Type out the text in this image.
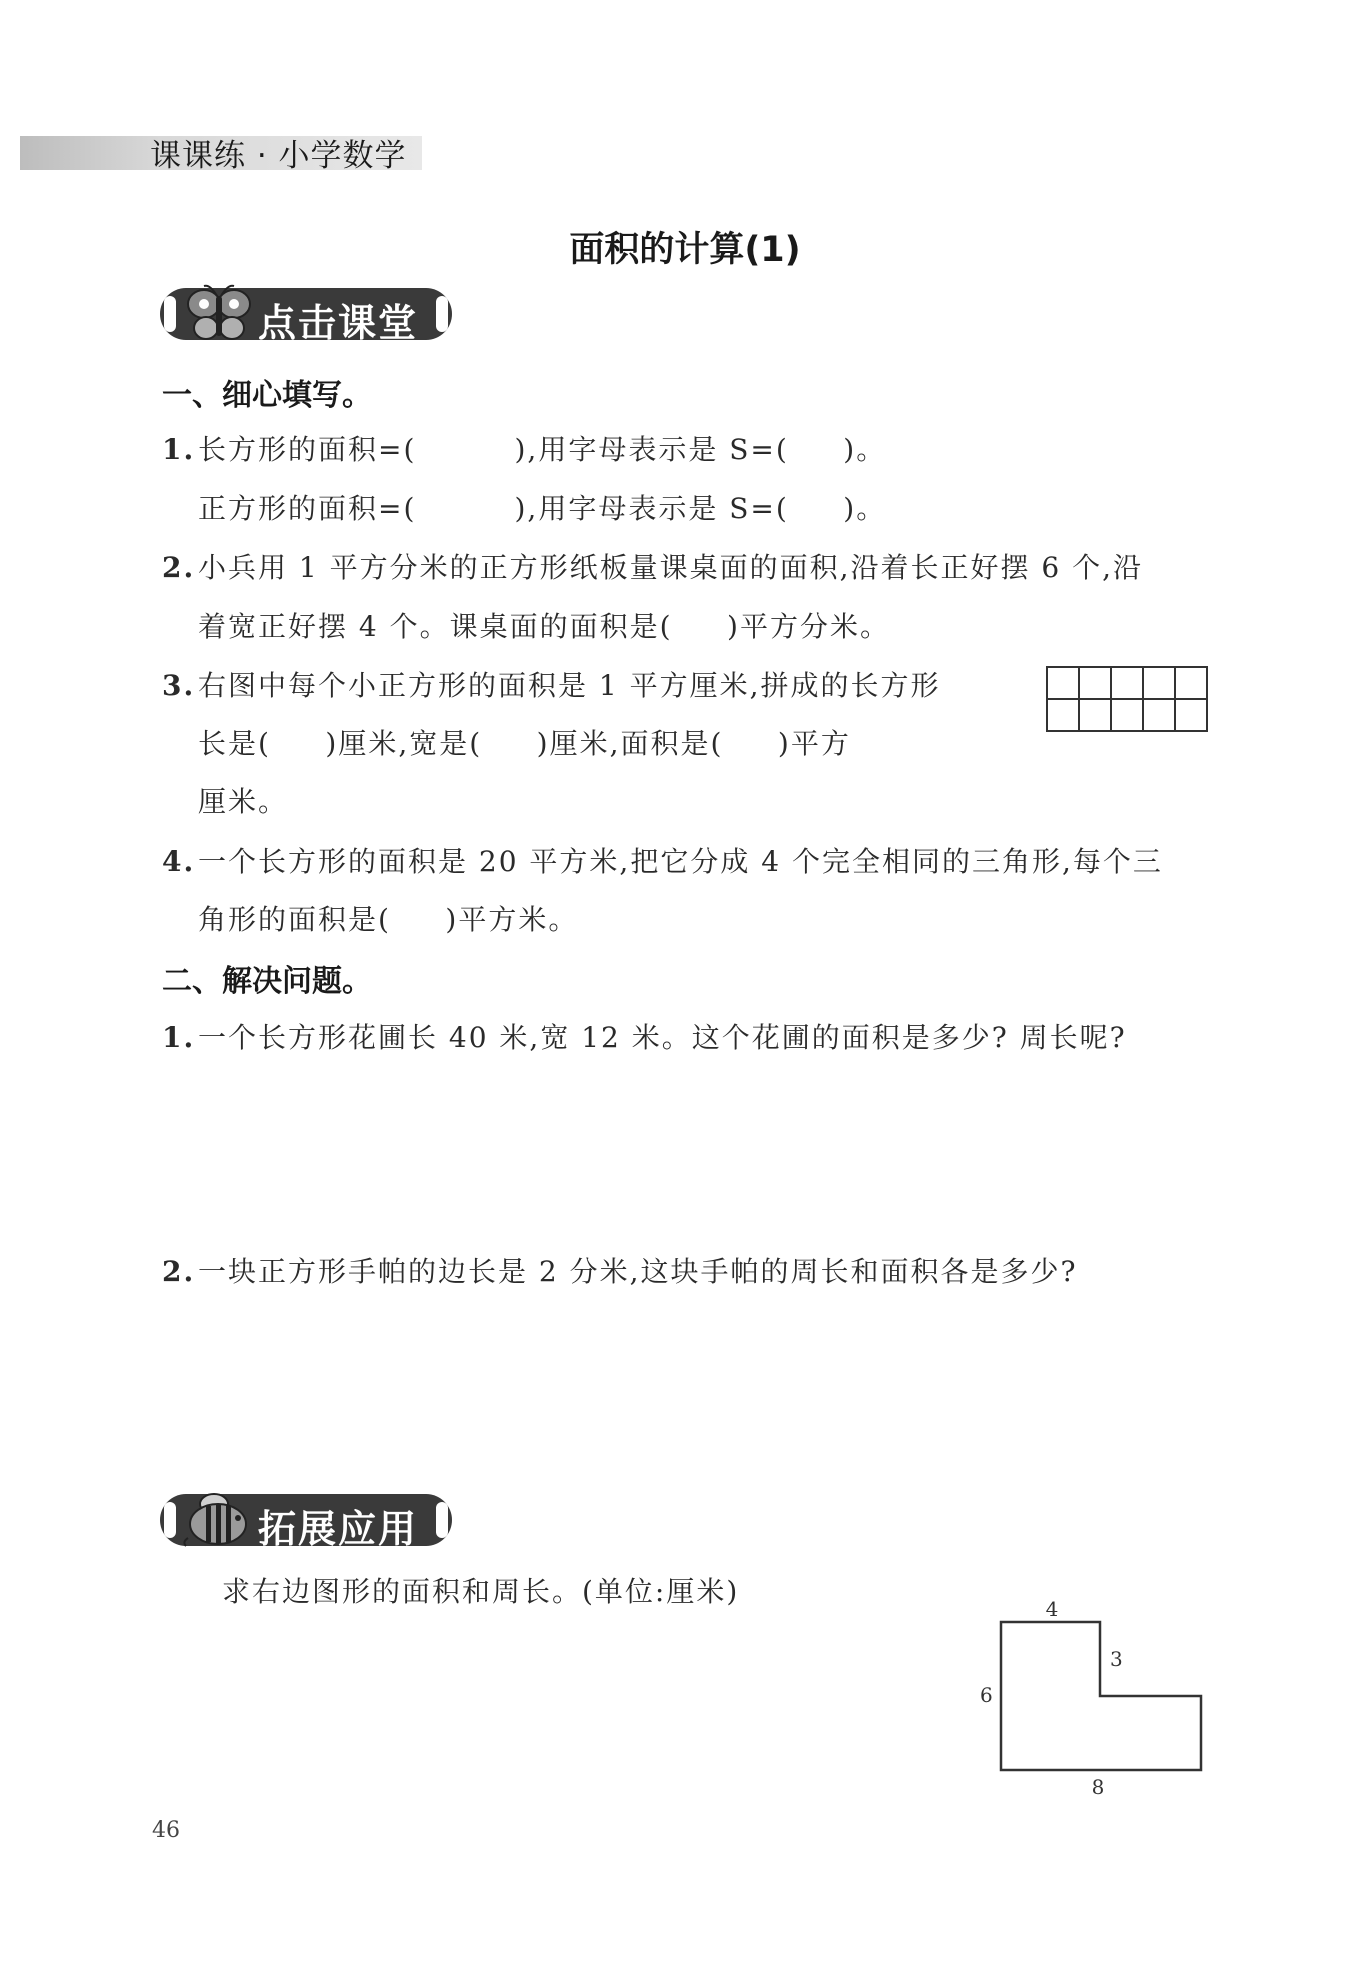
课课练 · 小学数学
面积的计算(1)
点击课堂
一、细心填写。
1.长方形的面积=(         ),用字母表示是 S=(     )。
正方形的面积=(         ),用字母表示是 S=(     )。
2.小兵用 1 平方分米的正方形纸板量课桌面的面积,沿着长正好摆 6 个,沿
着宽正好摆 4 个。课桌面的面积是(     )平方分米。
3.右图中每个小正方形的面积是 1 平方厘米,拼成的长方形
长是(     )厘米,宽是(     )厘米,面积是(     )平方
厘米。
4.一个长方形的面积是 20 平方米,把它分成 4 个完全相同的三角形,每个三
角形的面积是(     )平方米。
二、解决问题。
1.一个长方形花圃长 40 米,宽 12 米。这个花圃的面积是多少? 周长呢?
2.一块正方形手帕的边长是 2 分米,这块手帕的周长和面积各是多少?
拓展应用
求右边图形的面积和周长。(单位:厘米)
4
3
6
8
46
